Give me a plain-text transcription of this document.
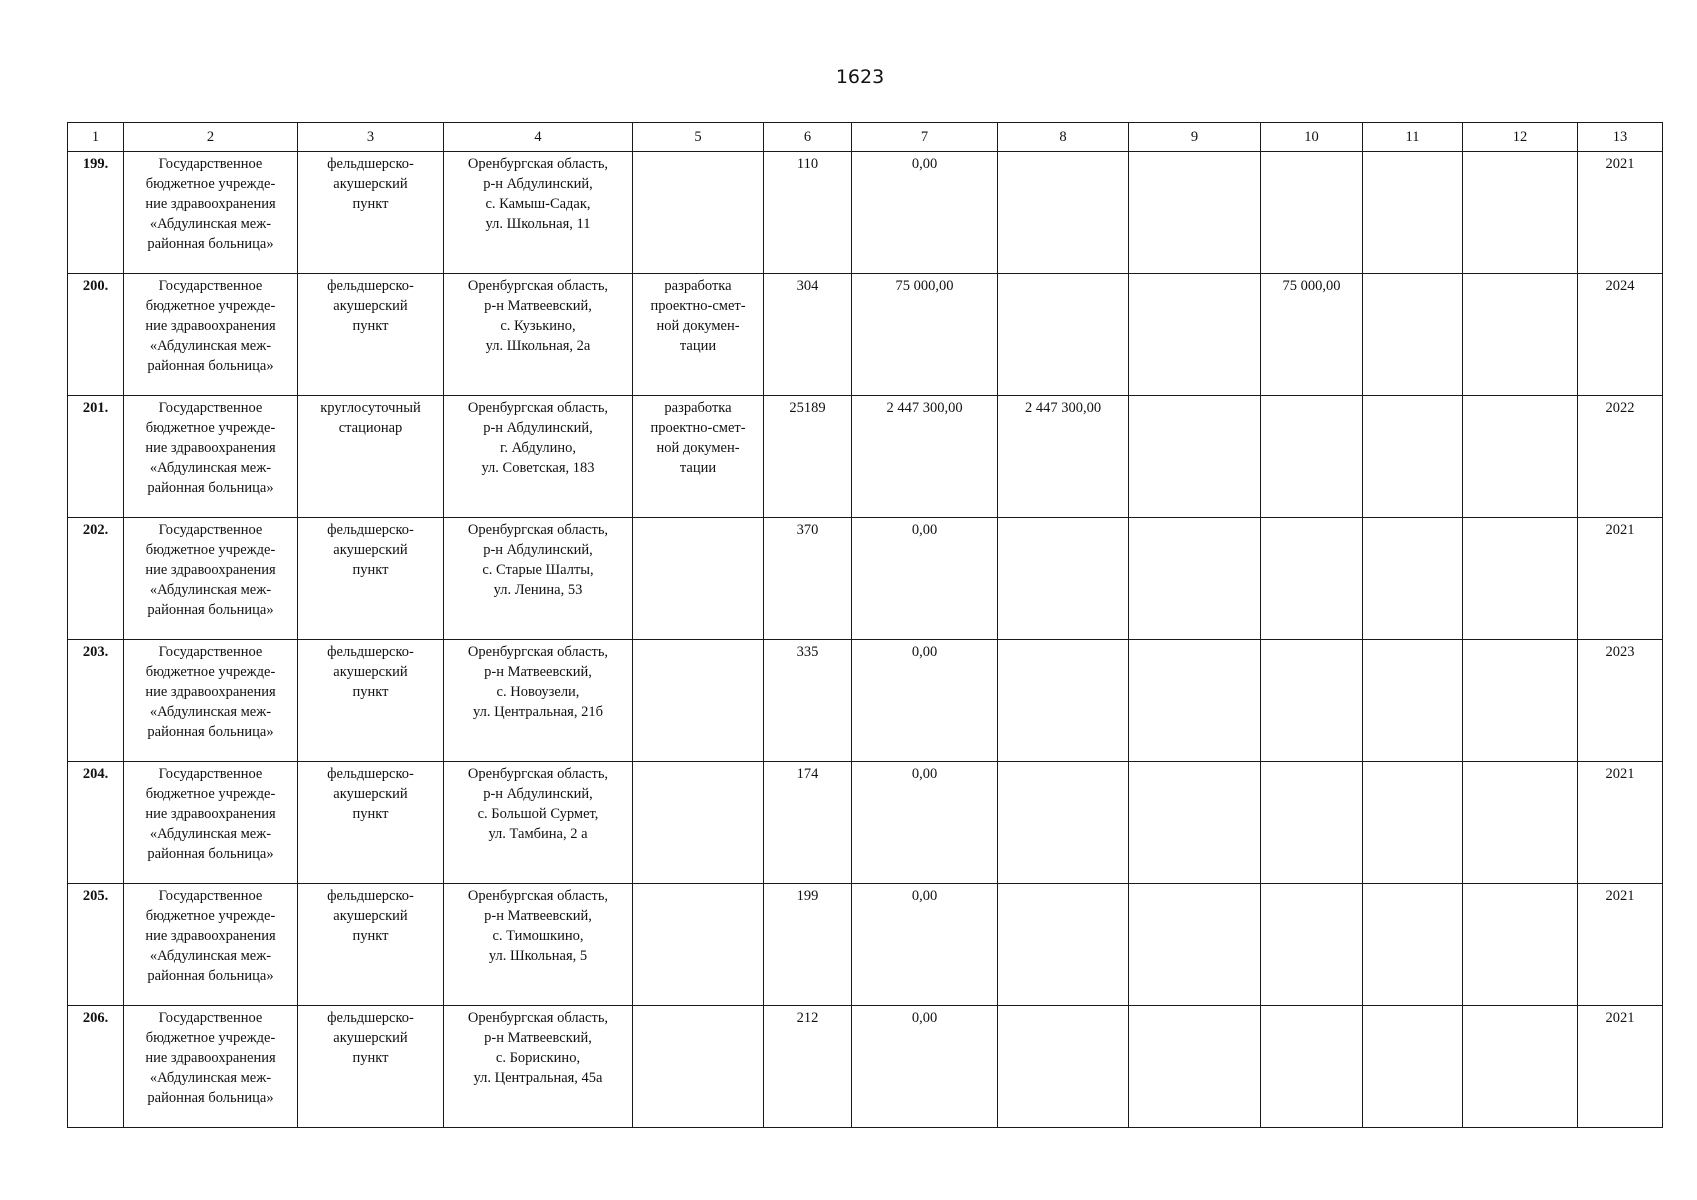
1623
1	2	3	4	5	6	7	8	9	10	11	12	13
199.	Государственное
бюджетное учрежде-
ние здравоохранения
«Абдулинская меж-
районная больница»	фельдшерско-
акушерский
пункт	Оренбургская область,
р-н Абдулинский,
с. Камыш-Садак,
ул. Школьная, 11		110	0,00						2021
200.	Государственное
бюджетное учрежде-
ние здравоохранения
«Абдулинская меж-
районная больница»	фельдшерско-
акушерский
пункт	Оренбургская область,
р-н Матвеевский,
с. Кузькино,
ул. Школьная, 2а	разработка
проектно-смет-
ной докумен-
тации	304	75 000,00			75 000,00			2024
201.	Государственное
бюджетное учрежде-
ние здравоохранения
«Абдулинская меж-
районная больница»	круглосуточный
стационар	Оренбургская область,
р-н Абдулинский,
г. Абдулино,
ул. Советская, 183	разработка
проектно-смет-
ной докумен-
тации	25189	2 447 300,00	2 447 300,00					2022
202.	Государственное
бюджетное учрежде-
ние здравоохранения
«Абдулинская меж-
районная больница»	фельдшерско-
акушерский
пункт	Оренбургская область,
р-н Абдулинский,
с. Старые Шалты,
ул. Ленина, 53		370	0,00						2021
203.	Государственное
бюджетное учрежде-
ние здравоохранения
«Абдулинская меж-
районная больница»	фельдшерско-
акушерский
пункт	Оренбургская область,
р-н Матвеевский,
с. Новоузели,
ул. Центральная, 21б		335	0,00						2023
204.	Государственное
бюджетное учрежде-
ние здравоохранения
«Абдулинская меж-
районная больница»	фельдшерско-
акушерский
пункт	Оренбургская область,
р-н Абдулинский,
с. Большой Сурмет,
ул. Тамбина, 2 а		174	0,00						2021
205.	Государственное
бюджетное учрежде-
ние здравоохранения
«Абдулинская меж-
районная больница»	фельдшерско-
акушерский
пункт	Оренбургская область,
р-н Матвеевский,
с. Тимошкино,
ул. Школьная, 5		199	0,00						2021
206.	Государственное
бюджетное учрежде-
ние здравоохранения
«Абдулинская меж-
районная больница»	фельдшерско-
акушерский
пункт	Оренбургская область,
р-н Матвеевский,
с. Борискино,
ул. Центральная, 45а		212	0,00						2021
